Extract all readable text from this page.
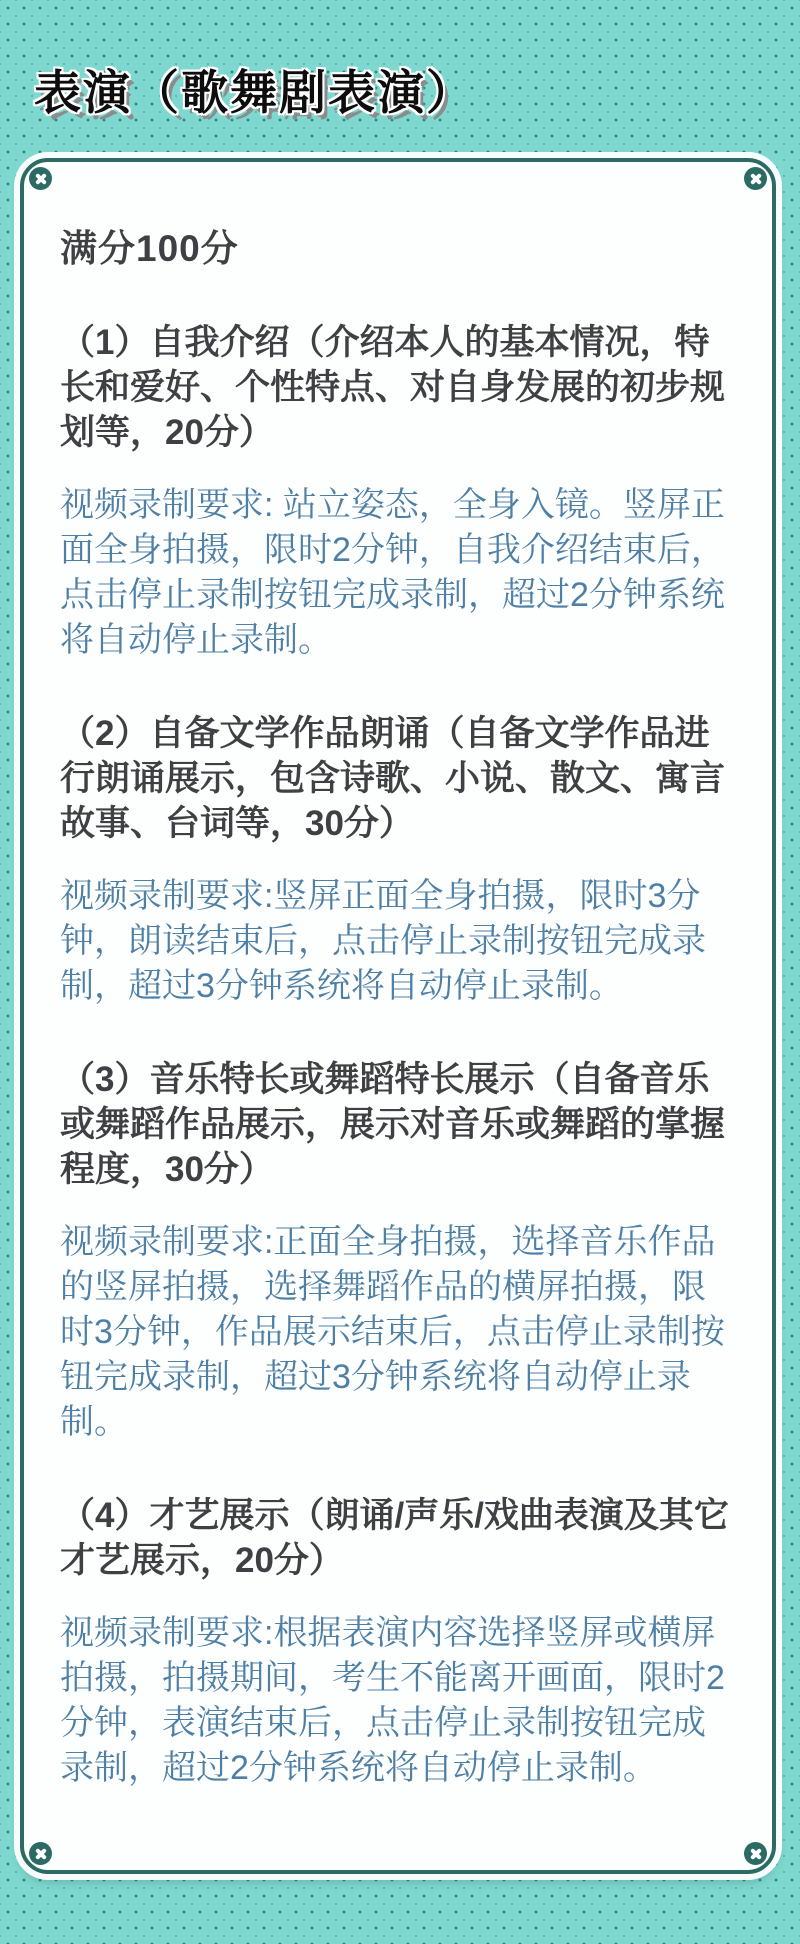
表演（歌舞剧表演）
满分100分
（1）自我介绍（介绍本人的基本情况，特长和爱好、个性特点、对自身发展的初步规划等，20分）
视频录制要求: 站立姿态，全身入镜。竖屏正面全身拍摄，限时2分钟，自我介绍结束后，点击停止录制按钮完成录制，超过2分钟系统将自动停止录制。
（2）自备文学作品朗诵（自备文学作品进行朗诵展示，包含诗歌、小说、散文、寓言故事、台词等，30分）
视频录制要求:竖屏正面全身拍摄，限时3分钟，朗读结束后，点击停止录制按钮完成录制，超过3分钟系统将自动停止录制。
（3）音乐特长或舞蹈特长展示（自备音乐或舞蹈作品展示，展示对音乐或舞蹈的掌握程度，30分）
视频录制要求:正面全身拍摄，选择音乐作品的竖屏拍摄，选择舞蹈作品的横屏拍摄，限时3分钟，作品展示结束后，点击停止录制按钮完成录制，超过3分钟系统将自动停止录制。
（4）才艺展示（朗诵/声乐/戏曲表演及其它才艺展示，20分）
视频录制要求:根据表演内容选择竖屏或横屏拍摄，拍摄期间，考生不能离开画面，限时2分钟，表演结束后，点击停止录制按钮完成录制，超过2分钟系统将自动停止录制。
